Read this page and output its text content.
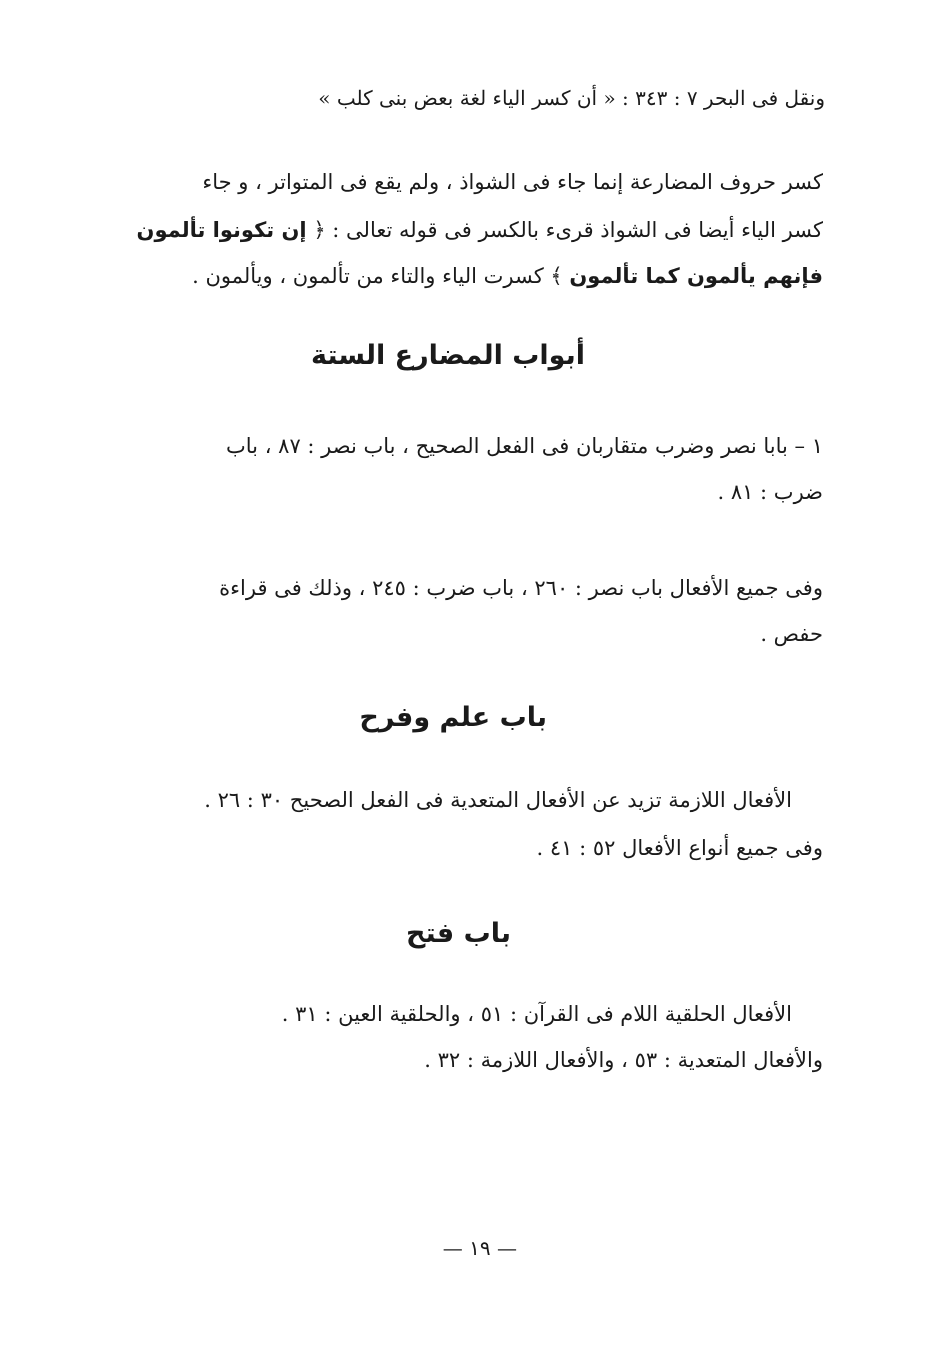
ونقل فى البحر ٧ : ٣٤٣ : « أن كسر الياء لغة بعض بنى كلب »
كسر حروف المضارعة إنما جاء فى الشواذ ، ولم يقع فى المتواتر ، و جاء
كسر الياء أيضا فى الشواذ قرىء بالكسر فى قوله تعالى : ﴿ إن تكونوا تألمون
فإنهم يألمون كما تألمون ﴾ كسرت الياء والتاء من تألمون ، ويألمون .
أبواب المضارع الستة
١ – بابا نصر وضرب متقاربان فى الفعل الصحيح ، باب نصر : ٨٧ ، باب
ضرب : ٨١ .
وفى جميع الأفعال باب نصر : ٢٦٠ ، باب ضرب : ٢٤٥ ، وذلك فى قراءة
حفص .
باب علم وفرح
الأفعال اللازمة تزيد عن الأفعال المتعدية فى الفعل الصحيح ٣٠ : ٢٦ .
وفى جميع أنواع الأفعال ٥٢ : ٤١ .
باب فتح
الأفعال الحلقية اللام فى القرآن : ٥١ ، والحلقية العين : ٣١ .
والأفعال المتعدية : ٥٣ ، والأفعال اللازمة : ٣٢ .
— ١٩ —
